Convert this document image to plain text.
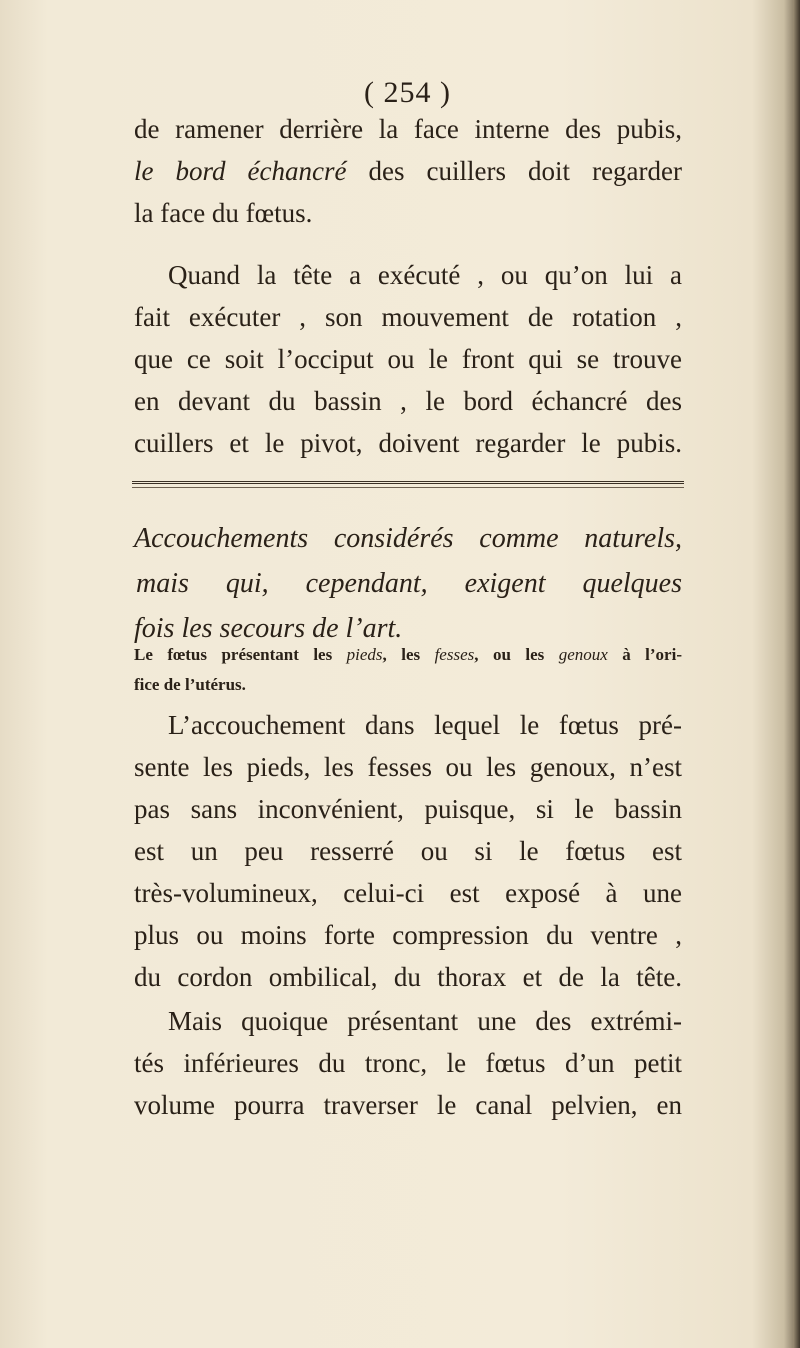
( 254 )
de ramener derrière la face interne des pubis,
le bord échancré des cuillers doit regarder
la face du fœtus.
Quand la tête a exécuté , ou qu’on lui a
fait exécuter , son mouvement de rotation ,
que ce soit l’occiput ou le front qui se trouve
en devant du bassin , le bord échancré des
cuillers et le pivot, doivent regarder le pubis.
Accouchements considérés comme naturels,
mais qui, cependant, exigent quelques
fois les secours de l’art.
Le fœtus présentant les pieds, les fesses, ou les genoux à l’ori-
fice de l’utérus.
L’accouchement dans lequel le fœtus pré-
sente les pieds, les fesses ou les genoux, n’est
pas sans inconvénient, puisque, si le bassin
est un peu resserré ou si le fœtus est
très-volumineux, celui-ci est exposé à une
plus ou moins forte compression du ventre ,
du cordon ombilical, du thorax et de la tête.
Mais quoique présentant une des extrémi-
tés inférieures du tronc, le fœtus d’un petit
volume pourra traverser le canal pelvien, en
